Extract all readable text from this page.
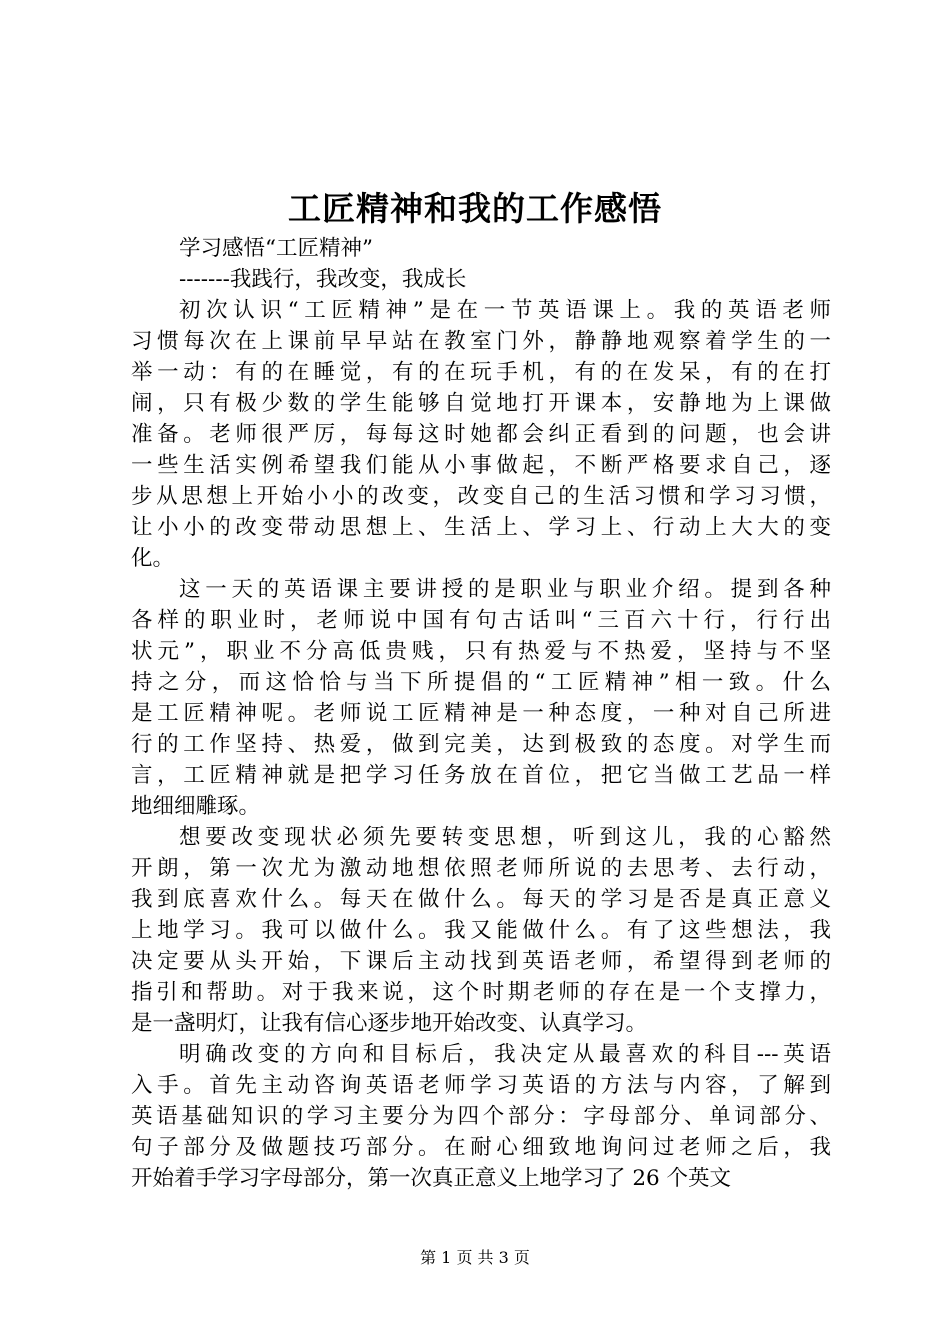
工匠精神和我的工作感悟
学习感悟“工匠精神”
-------我践行，我改变，我成长
初次认识“工匠精神”是在一节英语课上。我的英语老师
习惯每次在上课前早早站在教室门外，静静地观察着学生的一
举一动：有的在睡觉，有的在玩手机，有的在发呆，有的在打
闹，只有极少数的学生能够自觉地打开课本，安静地为上课做
准备。老师很严厉，每每这时她都会纠正看到的问题，也会讲
一些生活实例希望我们能从小事做起，不断严格要求自己，逐
步从思想上开始小小的改变，改变自己的生活习惯和学习习惯，
让小小的改变带动思想上、生活上、学习上、行动上大大的变
化。
这一天的英语课主要讲授的是职业与职业介绍。提到各种
各样的职业时，老师说中国有句古话叫“三百六十行，行行出
状元”，职业不分高低贵贱，只有热爱与不热爱，坚持与不坚
持之分，而这恰恰与当下所提倡的“工匠精神”相一致。什么
是工匠精神呢。老师说工匠精神是一种态度，一种对自己所进
行的工作坚持、热爱，做到完美，达到极致的态度。对学生而
言，工匠精神就是把学习任务放在首位，把它当做工艺品一样
地细细雕琢。
想要改变现状必须先要转变思想，听到这儿，我的心豁然
开朗，第一次尤为激动地想依照老师所说的去思考、去行动，
我到底喜欢什么。每天在做什么。每天的学习是否是真正意义
上地学习。我可以做什么。我又能做什么。有了这些想法，我
决定要从头开始，下课后主动找到英语老师，希望得到老师的
指引和帮助。对于我来说，这个时期老师的存在是一个支撑力，
是一盏明灯，让我有信心逐步地开始改变、认真学习。
明确改变的方向和目标后，我决定从最喜欢的科目---英语
入手。首先主动咨询英语老师学习英语的方法与内容，了解到
英语基础知识的学习主要分为四个部分：字母部分、单词部分、
句子部分及做题技巧部分。在耐心细致地询问过老师之后，我
开始着手学习字母部分，第一次真正意义上地学习了 26 个英文
第 1 页 共 3 页
